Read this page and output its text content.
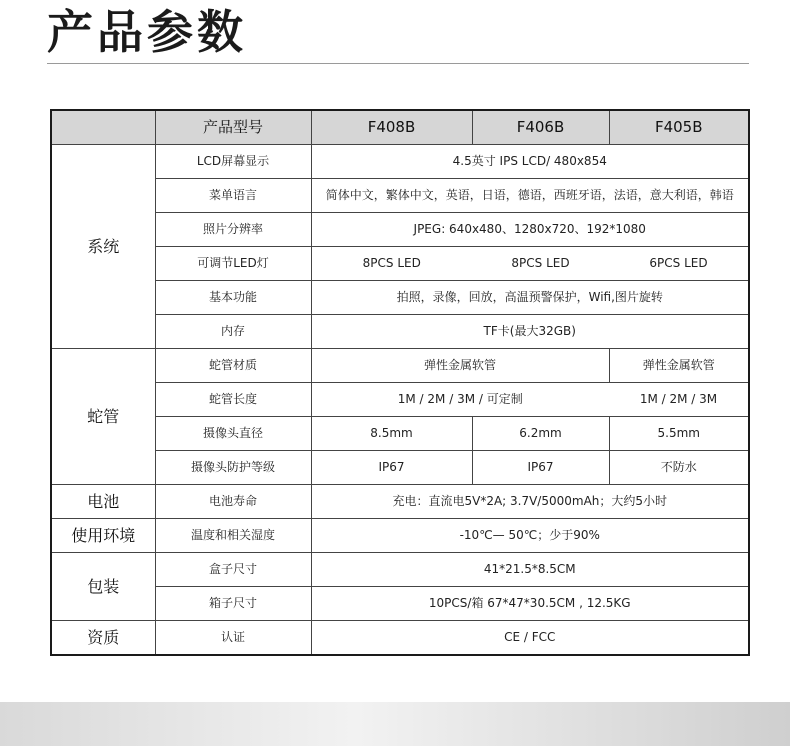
产品参数
	产品型号	F408B	F406B	F405B
系统	LCD屏幕显示	4.5英寸 IPS LCD/ 480x854		
	菜单语言	简体中文，繁体中文，英语，日语，德语，西班牙语，法语，意大利语，韩语		
	照片分辨率	JPEG: 640x480、1280x720、192*1080		
	可调节LED灯	8PCS LED	8PCS LED	6PCS LED
	基本功能	拍照，录像，回放，高温预警保护，Wifi,图片旋转		
	内存	TF卡(最大32GB)		
蛇管	蛇管材质	弹性金属软管		弹性金属软管
	蛇管长度	1M / 2M / 3M / 可定制		1M / 2M / 3M
	摄像头直径	8.5mm	6.2mm	5.5mm
	摄像头防护等级	IP67	IP67	不防水
电池	电池寿命	充电：直流电5V*2A; 3.7V/5000mAh；大约5小时		
使用环境	温度和相关湿度	-10℃— 50℃；少于90%		
包装	盒子尺寸	41*21.5*8.5CM		
	箱子尺寸	10PCS/箱 67*47*30.5CM , 12.5KG		
资质	认证	CE / FCC		
